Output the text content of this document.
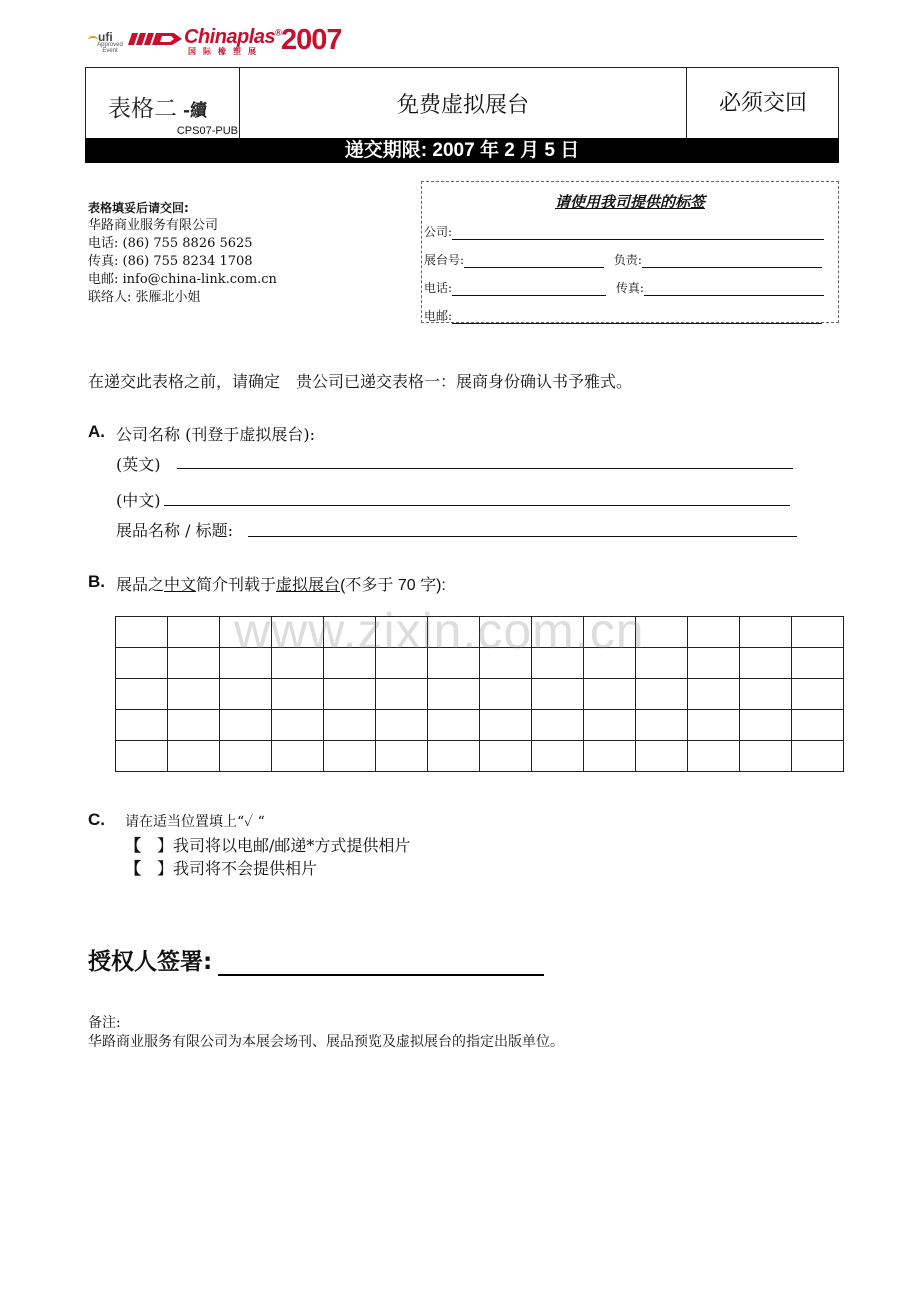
ufi
Approved Event
Chinaplas®
国际橡塑展 2007
表格二 -續
CPS07-PUB
免费虚拟展台	必须交回
递交期限: 2007 年 2 月 5 日
表格填妥后请交回:
华路商业服务有限公司
电话: (86) 755 8826 5625
传真: (86) 755 8234 1708
电邮: info@china-link.com.cn
联络人: 张雁北小姐
请使用我司提供的标签
公司:
展台号:	负责:
电话:	传真:
电邮:
在递交此表格之前，请确定　贵公司已递交表格一：展商身份确认书予雅式。
A. 公司名称 (刊登于虚拟展台):
(英文)
(中文)
展品名称 / 标题:
B. 展品之中文简介刊载于虚拟展台(不多于 70 字):

www.zixin.com.cn
C. 请在适当位置填上“✓ “
【 】我司将以电邮/邮递*方式提供相片
【 】我司将不会提供相片
授权人签署:
备注:
华路商业服务有限公司为本展会场刊、展品预览及虚拟展台的指定出版单位。
